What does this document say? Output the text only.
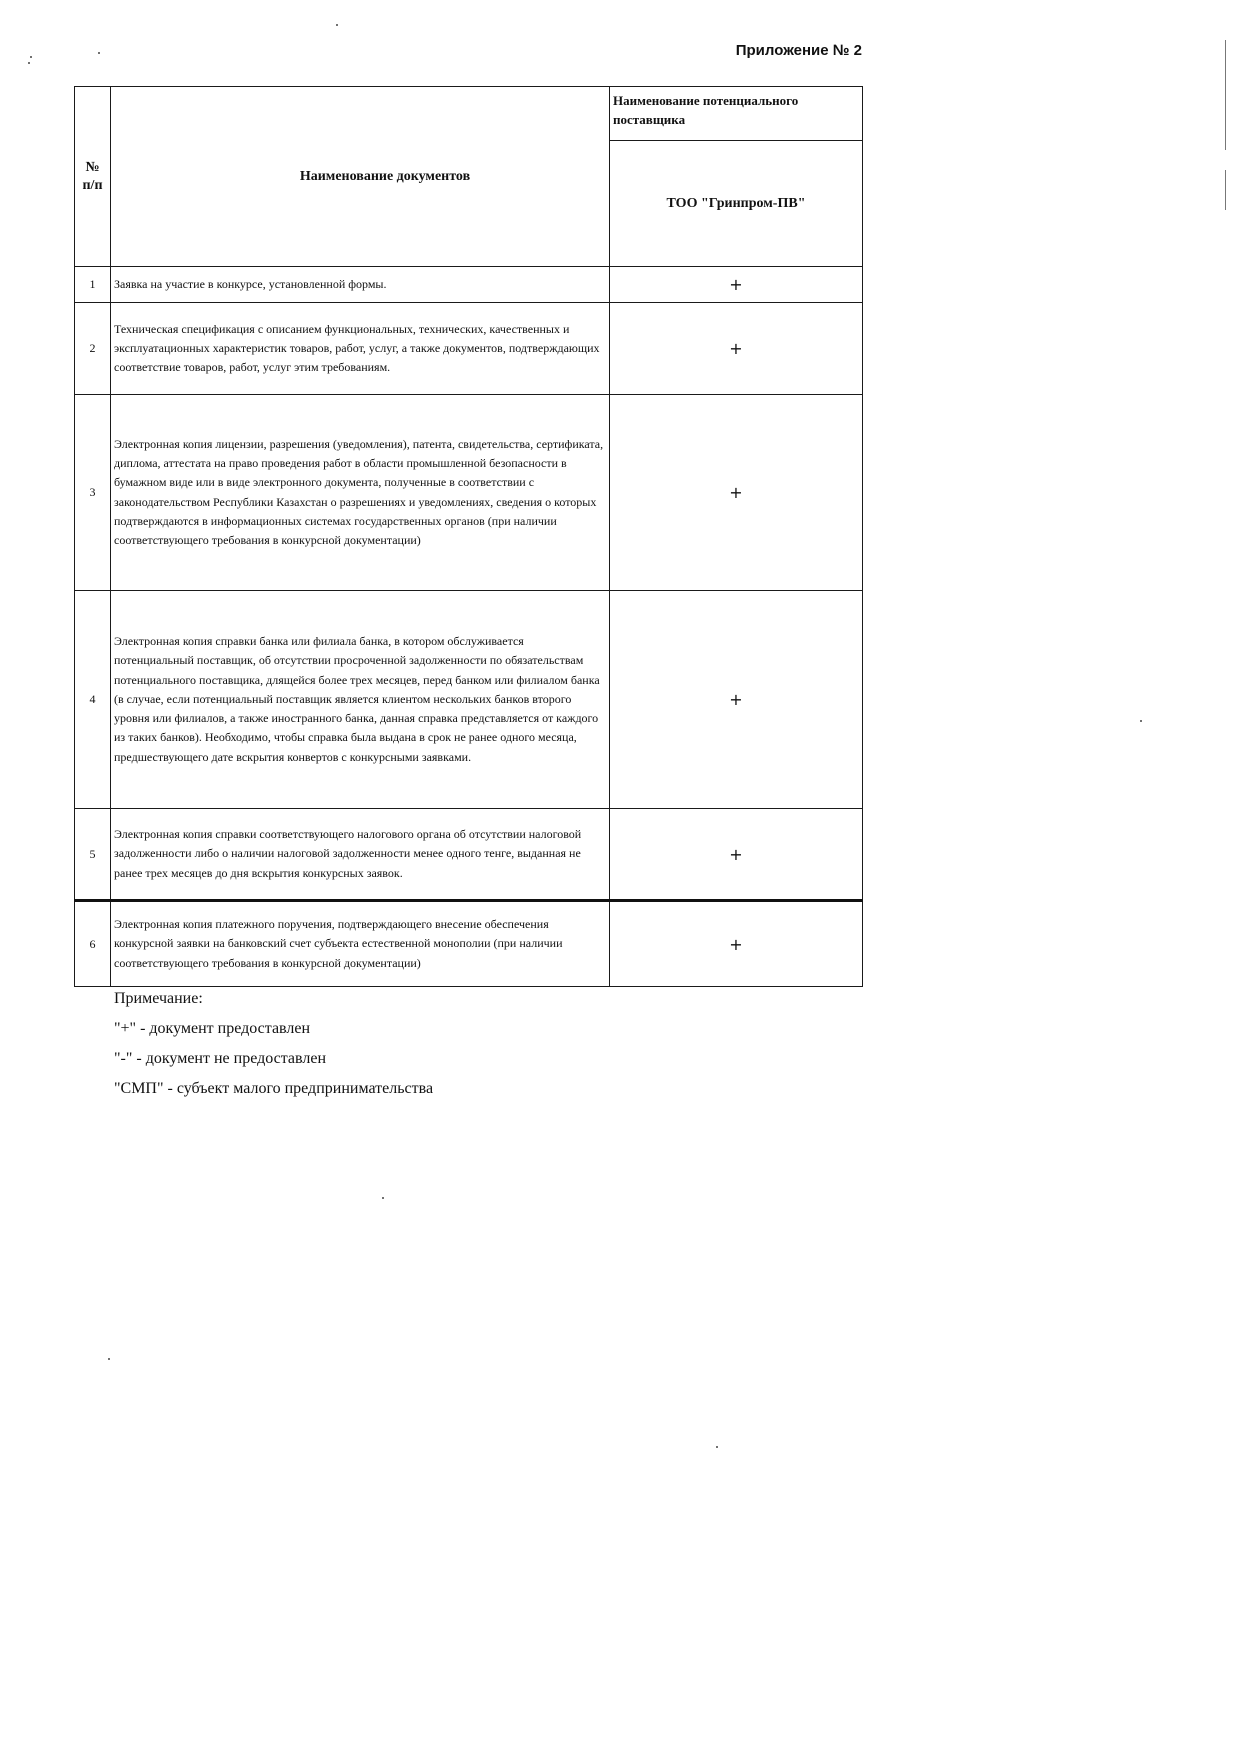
Приложение № 2
№
п/п	Наименование документов	Наименование потенциального поставщика
		ТОО "Гринпром-ПВ"
1	Заявка на участие в конкурсе, установленной формы.	+
2	Техническая спецификация с описанием функциональных, технических, качественных и эксплуатационных характеристик товаров, работ, услуг, а также документов, подтверждающих соответствие товаров, работ, услуг этим требованиям.	+
3	Электронная копия лицензии, разрешения (уведомления), патента, свидетельства, сертификата, диплома, аттестата на право проведения работ в области промышленной безопасности в бумажном виде или в виде электронного документа, полученные в соответствии с законодательством Республики Казахстан о разрешениях и уведомлениях, сведения о которых подтверждаются в информационных системах государственных органов (при наличии соответствующего требования в конкурсной документации)	+
4	Электронная копия справки банка или филиала банка, в котором обслуживается потенциальный поставщик, об отсутствии просроченной задолженности по обязательствам потенциального поставщика, длящейся более трех месяцев, перед банком или филиалом банка (в случае, если потенциальный поставщик является клиентом нескольких банков второго уровня или филиалов, а также иностранного банка, данная справка представляется от каждого из таких банков). Необходимо, чтобы справка была выдана в срок не ранее одного месяца, предшествующего дате вскрытия конвертов с конкурсными заявками.	+
5	Электронная копия справки соответствующего налогового органа об отсутствии налоговой задолженности либо о наличии налоговой задолженности менее одного тенге, выданная не ранее трех месяцев до дня вскрытия конкурсных заявок.	+
6	Электронная копия платежного поручения, подтверждающего внесение обеспечения конкурсной заявки на банковский счет субъекта естественной монополии (при наличии соответствующего требования в конкурсной документации)	+
Примечание:
"+" - документ предоставлен
"-" - документ не предоставлен
"СМП" - субъект малого предпринимательства
